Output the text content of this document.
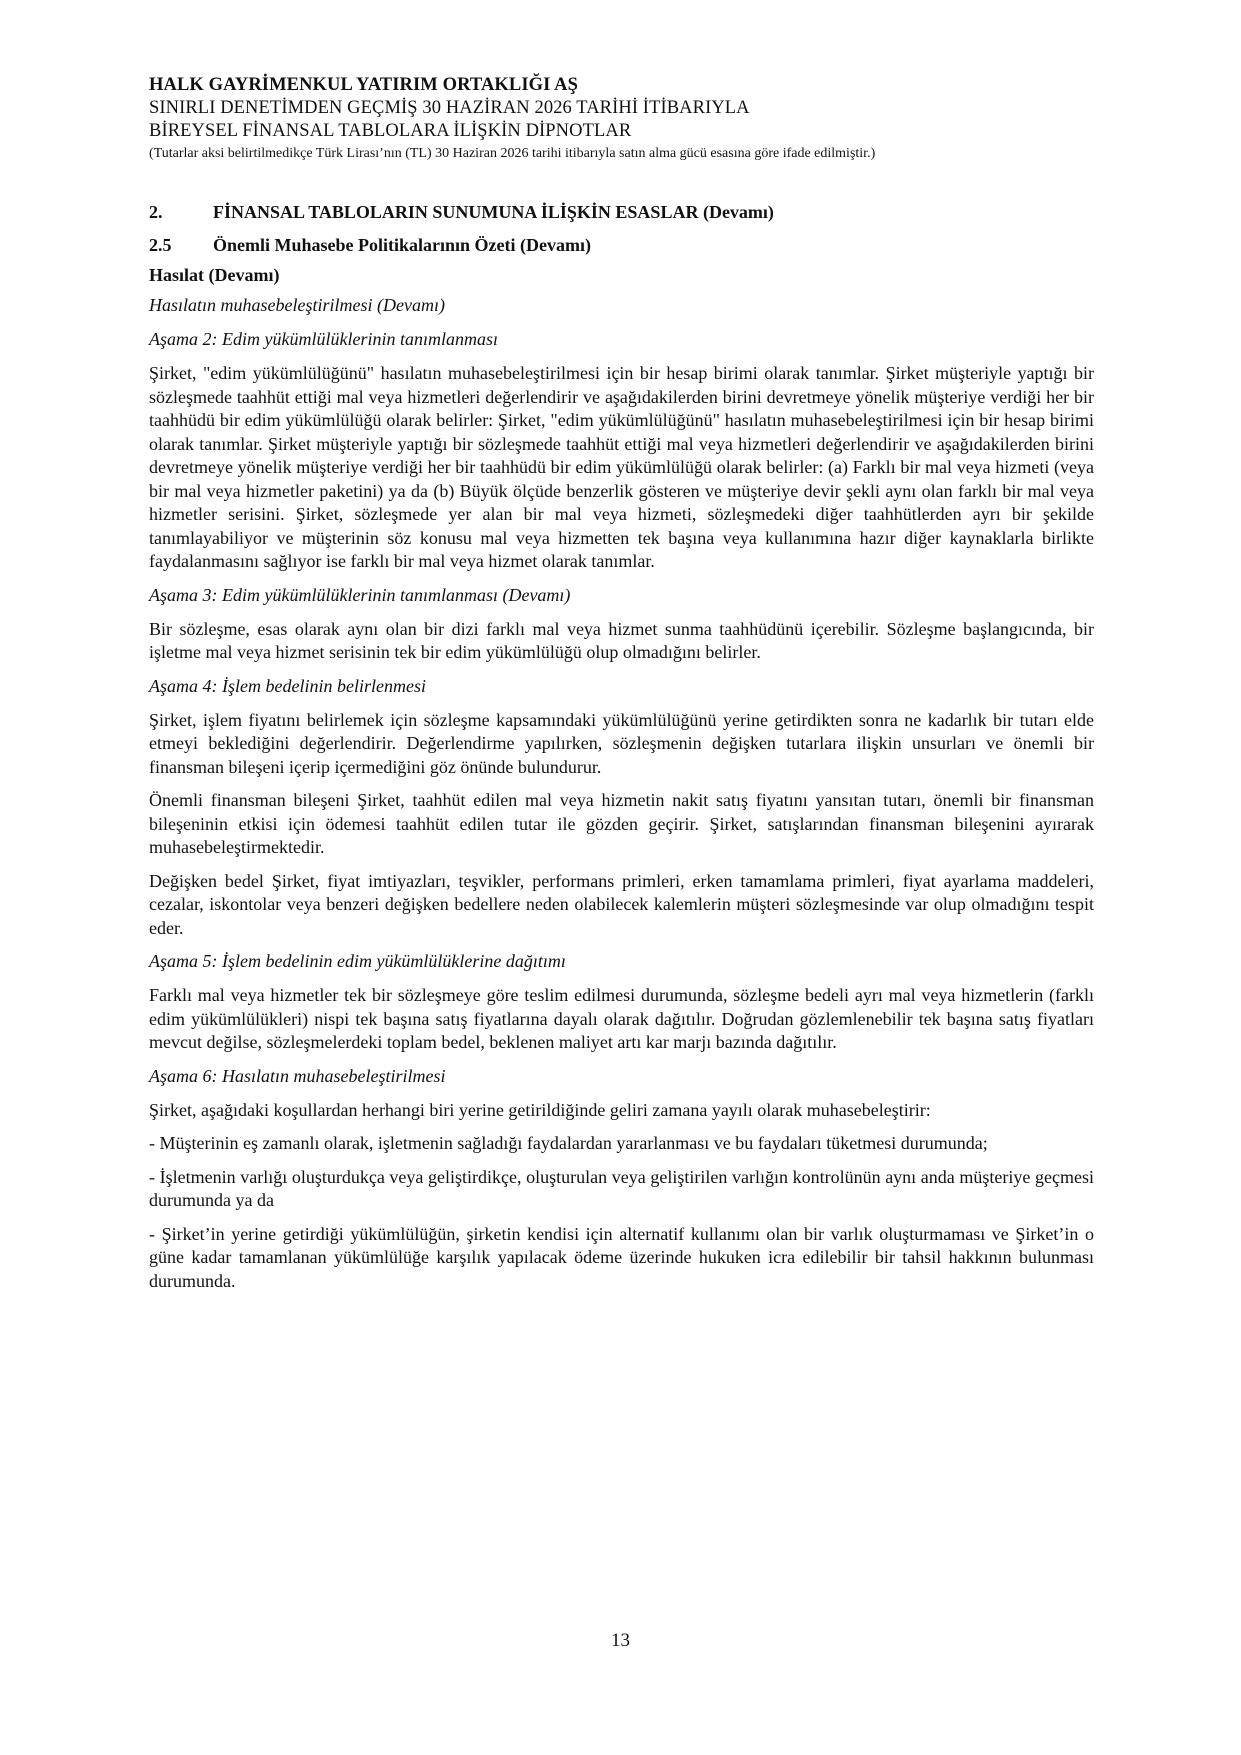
HALK GAYRİMENKUL YATIRIM ORTAKLIĞI AŞ
SINIRLI DENETİMDEN GEÇMİŞ 30 HAZİRAN 2026 TARİHİ İTİBARIYLA
BİREYSEL FİNANSAL TABLOLARA İLİŞKİN DİPNOTLAR
(Tutarlar aksi belirtilmedikçe Türk Lirası’nın (TL) 30 Haziran 2026 tarihi itibarıyla satın alma gücü esasına göre ifade edilmiştir.)
2.	FİNANSAL TABLOLARIN SUNUMUNA İLİŞKİN ESASLAR (Devamı)
2.5	Önemli Muhasebe Politikalarının Özeti (Devamı)
Hasılat (Devamı)
Hasılatın muhasebeleştirilmesi (Devamı)
Aşama 2: Edim yükümlülüklerinin tanımlanması

Şirket, "edim yükümlülüğünü" hasılatın muhasebeleştirilmesi için bir hesap birimi olarak tanımlar. Şirket müşteriyle yaptığı bir sözleşmede taahhüt ettiği mal veya hizmetleri değerlendirir ve aşağıdakilerden birini devretmeye yönelik müşteriye verdiği her bir taahhüdü bir edim yükümlülüğü olarak belirler: Şirket, "edim yükümlülüğünü" hasılatın muhasebeleştirilmesi için bir hesap birimi olarak tanımlar. Şirket müşteriyle yaptığı bir sözleşmede taahhüt ettiği mal veya hizmetleri değerlendirir ve aşağıdakilerden birini devretmeye yönelik müşteriye verdiği her bir taahhüdü bir edim yükümlülüğü olarak belirler: (a) Farklı bir mal veya hizmeti (veya bir mal veya hizmetler paketini) ya da (b) Büyük ölçüde benzerlik gösteren ve müşteriye devir şekli aynı olan farklı bir mal veya hizmetler serisini. Şirket, sözleşmede yer alan bir mal veya hizmeti, sözleşmedeki diğer taahhütlerden ayrı bir şekilde tanımlayabiliyor ve müşterinin söz konusu mal veya hizmetten tek başına veya kullanımına hazır diğer kaynaklarla birlikte faydalanmasını sağlıyor ise farklı bir mal veya hizmet olarak tanımlar.

Aşama 3: Edim yükümlülüklerinin tanımlanması (Devamı)

Bir sözleşme, esas olarak aynı olan bir dizi farklı mal veya hizmet sunma taahhüdünü içerebilir. Sözleşme başlangıcında, bir işletme mal veya hizmet serisinin tek bir edim yükümlülüğü olup olmadığını belirler.

Aşama 4: İşlem bedelinin belirlenmesi

Şirket, işlem fiyatını belirlemek için sözleşme kapsamındaki yükümlülüğünü yerine getirdikten sonra ne kadarlık bir tutarı elde etmeyi beklediğini değerlendirir. Değerlendirme yapılırken, sözleşmenin değişken tutarlara ilişkin unsurları ve önemli bir finansman bileşeni içerip içermediğini göz önünde bulundurur.

Önemli finansman bileşeni Şirket, taahhüt edilen mal veya hizmetin nakit satış fiyatını yansıtan tutarı, önemli bir finansman bileşeninin etkisi için ödemesi taahhüt edilen tutar ile gözden geçirir. Şirket, satışlarından finansman bileşenini ayırarak muhasebeleştirmektedir.

Değişken bedel Şirket, fiyat imtiyazları, teşvikler, performans primleri, erken tamamlama primleri, fiyat ayarlama maddeleri, cezalar, iskontolar veya benzeri değişken bedellere neden olabilecek kalemlerin müşteri sözleşmesinde var olup olmadığını tespit eder.

Aşama 5: İşlem bedelinin edim yükümlülüklerine dağıtımı

Farklı mal veya hizmetler tek bir sözleşmeye göre teslim edilmesi durumunda, sözleşme bedeli ayrı mal veya hizmetlerin (farklı edim yükümlülükleri) nispi tek başına satış fiyatlarına dayalı olarak dağıtılır. Doğrudan gözlemlenebilir tek başına satış fiyatları mevcut değilse, sözleşmelerdeki toplam bedel, beklenen maliyet artı kar marjı bazında dağıtılır.

Aşama 6: Hasılatın muhasebeleştirilmesi

Şirket, aşağıdaki koşullardan herhangi biri yerine getirildiğinde geliri zamana yayılı olarak muhasebeleştirir:

- Müşterinin eş zamanlı olarak, işletmenin sağladığı faydalardan yararlanması ve bu faydaları tüketmesi durumunda;

- İşletmenin varlığı oluşturdukça veya geliştirdikçe, oluşturulan veya geliştirilen varlığın kontrolünün aynı anda müşteriye geçmesi durumunda ya da

- Şirket’in yerine getirdiği yükümlülüğün, şirketin kendisi için alternatif kullanımı olan bir varlık oluşturmaması ve Şirket’in o güne kadar tamamlanan yükümlülüğe karşılık yapılacak ödeme üzerinde hukuken icra edilebilir bir tahsil hakkının bulunması durumunda.

13
